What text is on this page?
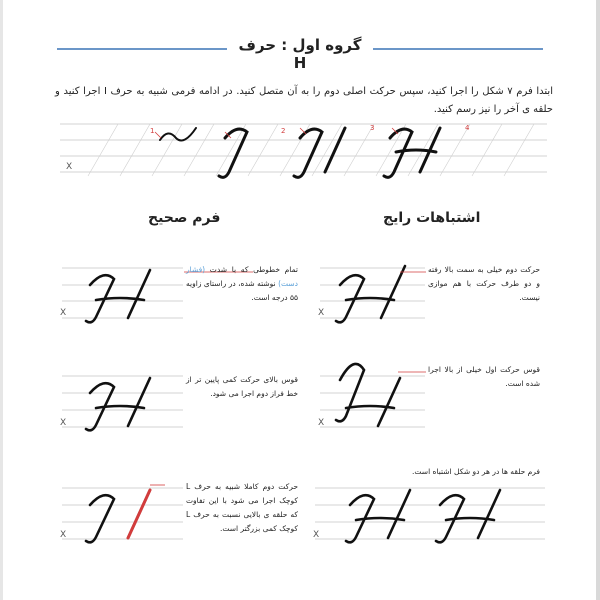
گروه اول : حرف H
ابتدا فرم ۷ شکل را اجرا کنید، سپس حرکت اصلی دوم را به آن متصل کنید. در ادامه فرمی شبیه به حرف I اجرا کنید و حلقه ی آخر را نیز رسم کنید.
X
X	X
X	X
X	X
1	2	3	4
فرم صحیح	اشتباهات رایج
تمام خطوطی که با شدت (فشار دست) نوشته شده، در راستای زاویه ۵۵ درجه است.
قوس بالای حرکت کمی پایین تر از خط فراز دوم اجرا می شود.
حرکت دوم کاملا شبیه به حرف L کوچک اجرا می شود با این تفاوت که حلقه ی بالایی نسبت به حرف L کوچک کمی بزرگتر است.
حرکت دوم خیلی به سمت بالا رفته و دو طرف حرکت با هم موازی نیست.
قوس حرکت اول خیلی از بالا اجرا شده است.
فرم حلقه ها در هر دو شکل اشتباه است.
